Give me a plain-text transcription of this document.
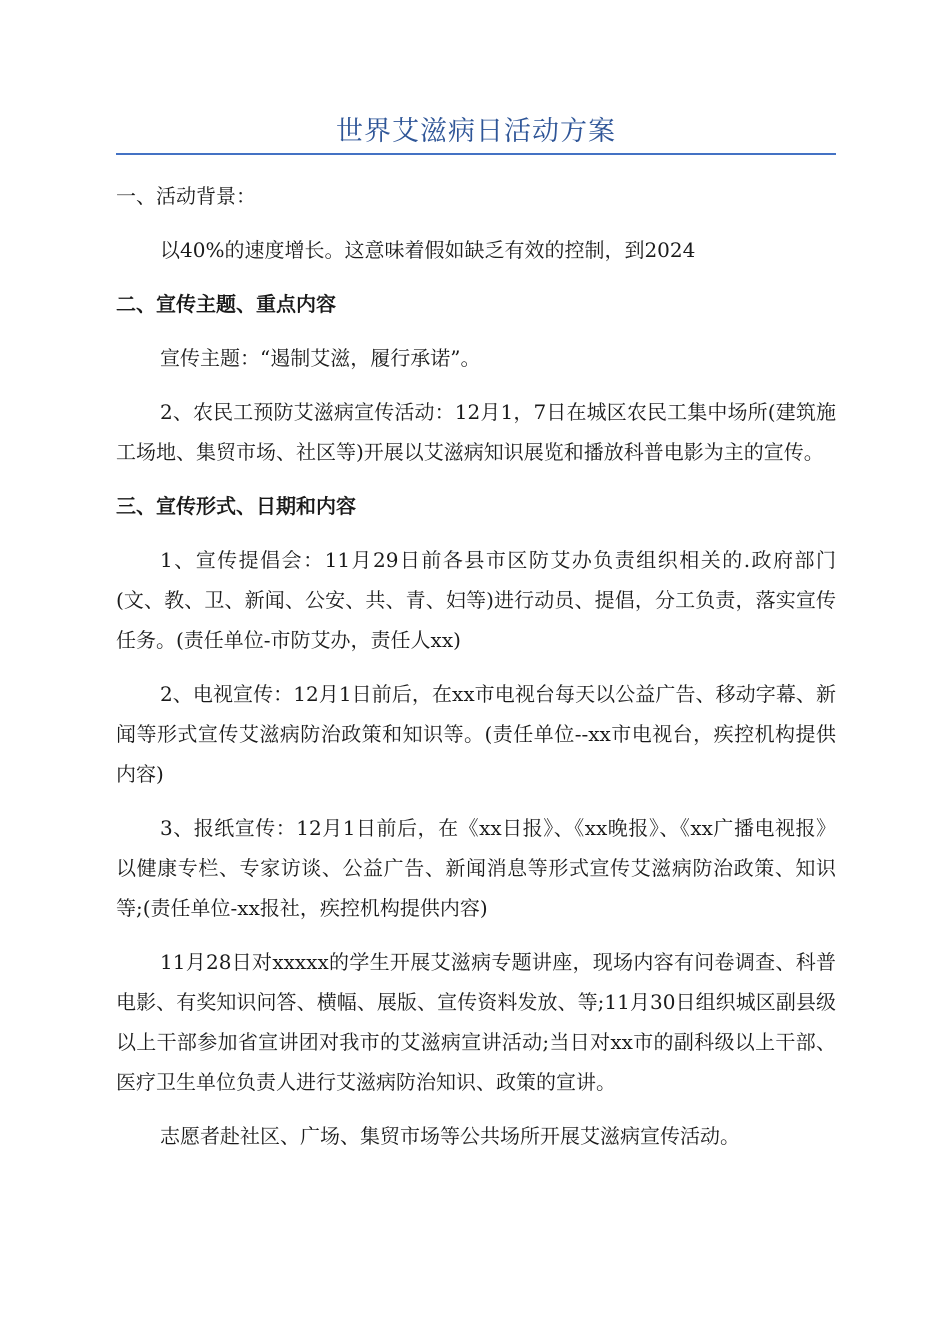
世界艾滋病日活动方案
一、活动背景：

以40%的速度增长。这意味着假如缺乏有效的控制，到2024

二、宣传主题、重点内容

宣传主题：“遏制艾滋，履行承诺”。

2、农民工预防艾滋病宣传活动：12月1，7日在城区农民工集中场所(建筑施工场地、集贸市场、社区等)开展以艾滋病知识展览和播放科普电影为主的宣传。

三、宣传形式、日期和内容

1、宣传提倡会：11月29日前各县市区防艾办负责组织相关的.政府部门(文、教、卫、新闻、公安、共、青、妇等)进行动员、提倡，分工负责，落实宣传任务。(责任单位-市防艾办，责任人xx)

2、电视宣传：12月1日前后，在xx市电视台每天以公益广告、移动字幕、新闻等形式宣传艾滋病防治政策和知识等。(责任单位--xx市电视台，疾控机构提供内容)

3、报纸宣传：12月1日前后，在《xx日报》、《xx晚报》、《xx广播电视报》以健康专栏、专家访谈、公益广告、新闻消息等形式宣传艾滋病防治政策、知识等;(责任单位-xx报社，疾控机构提供内容)

11月28日对xxxxx的学生开展艾滋病专题讲座，现场内容有问卷调查、科普电影、有奖知识问答、横幅、展版、宣传资料发放、等;11月30日组织城区副县级以上干部参加省宣讲团对我市的艾滋病宣讲活动;当日对xx市的副科级以上干部、医疗卫生单位负责人进行艾滋病防治知识、政策的宣讲。

志愿者赴社区、广场、集贸市场等公共场所开展艾滋病宣传活动。
